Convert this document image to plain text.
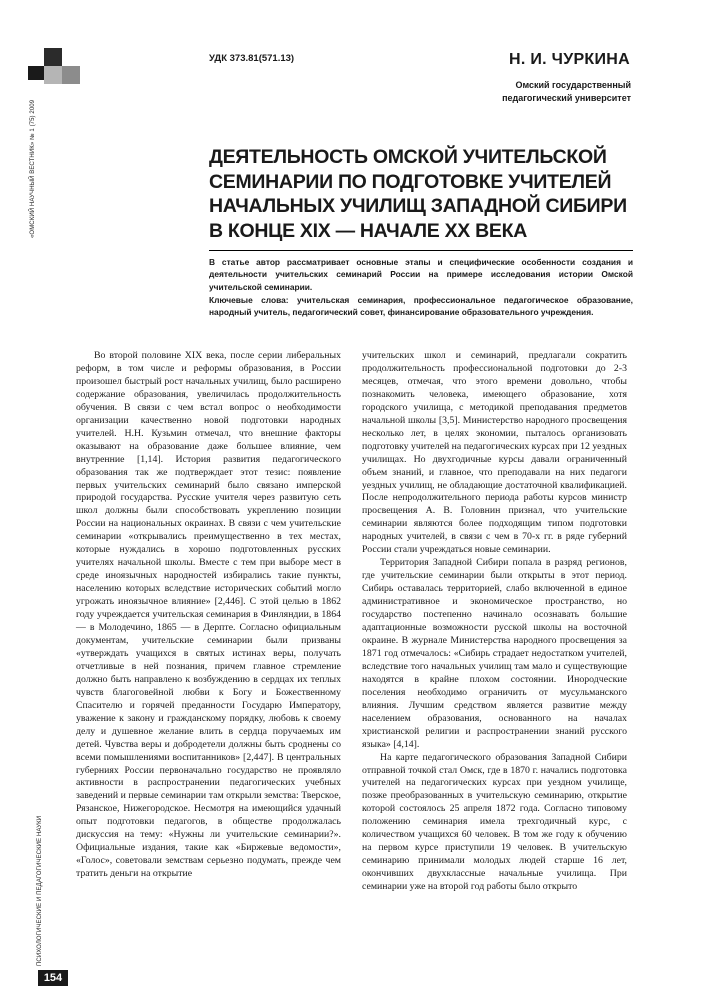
«ОМСКИЙ НАУЧНЫЙ ВЕСТНИК» № 1 (75) 2009
ПСИХОЛОГИЧЕСКИЕ И ПЕДАГОГИЧЕСКИЕ НАУКИ
154
УДК 373.81(571.13)	Н. И. ЧУРКИНА
Омский государственный
педагогический университет
ДЕЯТЕЛЬНОСТЬ ОМСКОЙ УЧИТЕЛЬСКОЙ СЕМИНАРИИ ПО ПОДГОТОВКЕ УЧИТЕЛЕЙ НАЧАЛЬНЫХ УЧИЛИЩ ЗАПАДНОЙ СИБИРИ В КОНЦЕ XIX — НАЧАЛЕ XX ВЕКА

В статье автор рассматривает основные этапы и специфические особенности создания и деятельности учительских семинарий России на примере исследования истории Омской учительской семинарии.

Ключевые слова: учительская семинария, профессиональное педагогическое образование, народный учитель, педагогический совет, финансирование образовательного учреждения.

Во второй половине XIX века, после серии либеральных реформ, в том числе и реформы образования, в России произошел быстрый рост начальных училищ, было расширено содержание образования, увеличилась продолжительность обучения. В связи с чем встал вопрос о необходимости организации качественно новой подготовки народных учителей. Н.Н. Кузьмин отмечал, что внешние факторы оказывают на образование даже большее влияние, чем внутренние [1,14]. История развития педагогического образования так же подтверждает этот тезис: появление первых учительских семинарий было связано имперской природой государства. Русские учителя через развитую сеть школ должны были способствовать укреплению позиции России на национальных окраинах. В связи с чем учительские семинарии «открывались преимущественно в тех местах, которые нуждались в хорошо подготовленных русских учителях начальной школы. Вместе с тем при выборе мест в среде иноязычных народностей избирались такие пункты, населению которых вследствие исторических событий могло угрожать иноязычное влияние» [2,446]. С этой целью в 1862 году учреждается учительская семинария в Финляндии, в 1864 — в Молодечино, 1865 — в Дерпте. Согласно официальным документам, учительские семинарии были призваны «утверждать учащихся в святых истинах веры, получать отчетливые в ней познания, причем главное стремление должно быть направлено к возбуждению в сердцах их теплых чувств благоговейной любви к Богу и Божественному Спасителю и горячей преданности Государю Императору, уважение к закону и гражданскому порядку, любовь к своему делу и душевное желание влить в сердца поручаемых им детей. Чувства веры и добродетели должны быть сроднены со всеми помышлениями воспитанников» [2,447]. В центральных губерниях России первоначально государство не проявляло активности в распространении педагогических учебных заведений и первые семинарии там открыли земства: Тверское, Рязанское, Нижегородское. Несмотря на имеющийся удачный опыт подготовки педагогов, в обществе продолжалась дискуссия на тему: «Нужны ли учительские семинарии?». Официальные издания, такие как «Биржевые ведомости», «Голос», советовали земствам серьезно подумать, прежде чем тратить деньги на открытие

учительских школ и семинарий, предлагали сократить продолжительность профессиональной подготовки до 2-3 месяцев, отмечая, что этого времени довольно, чтобы познакомить человека, имеющего образование, хотя городского училища, с методикой преподавания предметов начальной школы [3,5]. Министерство народного просвещения несколько лет, в целях экономии, пыталось организовать подготовку учителей на педагогических курсах при 12 уездных училищах. Но двухгодичные курсы давали ограниченный объем знаний, и главное, что преподавали на них педагоги уездных училищ, не обладающие достаточной квалификацией. После непродолжительного периода работы курсов министр просвещения А. В. Головнин признал, что учительские семинарии являются более подходящим типом подготовки народных учителей, в связи с чем в 70-х гг. в ряде губерний России стали учреждаться новые семинарии.

Территория Западной Сибири попала в разряд регионов, где учительские семинарии были открыты в этот период. Сибирь оставалась территорией, слабо включенной в единое административное и экономическое пространство, но государство постепенно начинало осознавать большие адаптационные возможности русской школы на восточной окраине. В журнале Министерства народного просвещения за 1871 год отмечалось: «Сибирь страдает недостатком учителей, вследствие того начальных училищ там мало и существующие находятся в крайне плохом состоянии. Инородческие поселения необходимо ограничить от мусульманского влияния. Лучшим средством является развитие между населением образования, основанного на началах христианской религии и распространении знаний русского языка» [4,14].

На карте педагогического образования Западной Сибири отправной точкой стал Омск, где в 1870 г. начались подготовка учителей на педагогических курсах при уездном училище, позже преобразованных в учительскую семинарию, открытие которой состоялось 25 апреля 1872 года. Согласно типовому положению семинария имела трехгодичный курс, с количеством учащихся 60 человек. В том же году к обучению на первом курсе приступили 19 человек. В учительскую семинарию принимали молодых людей старше 16 лет, окончивших двухклассные начальные училища. При семинарии уже на второй год работы было открыто
